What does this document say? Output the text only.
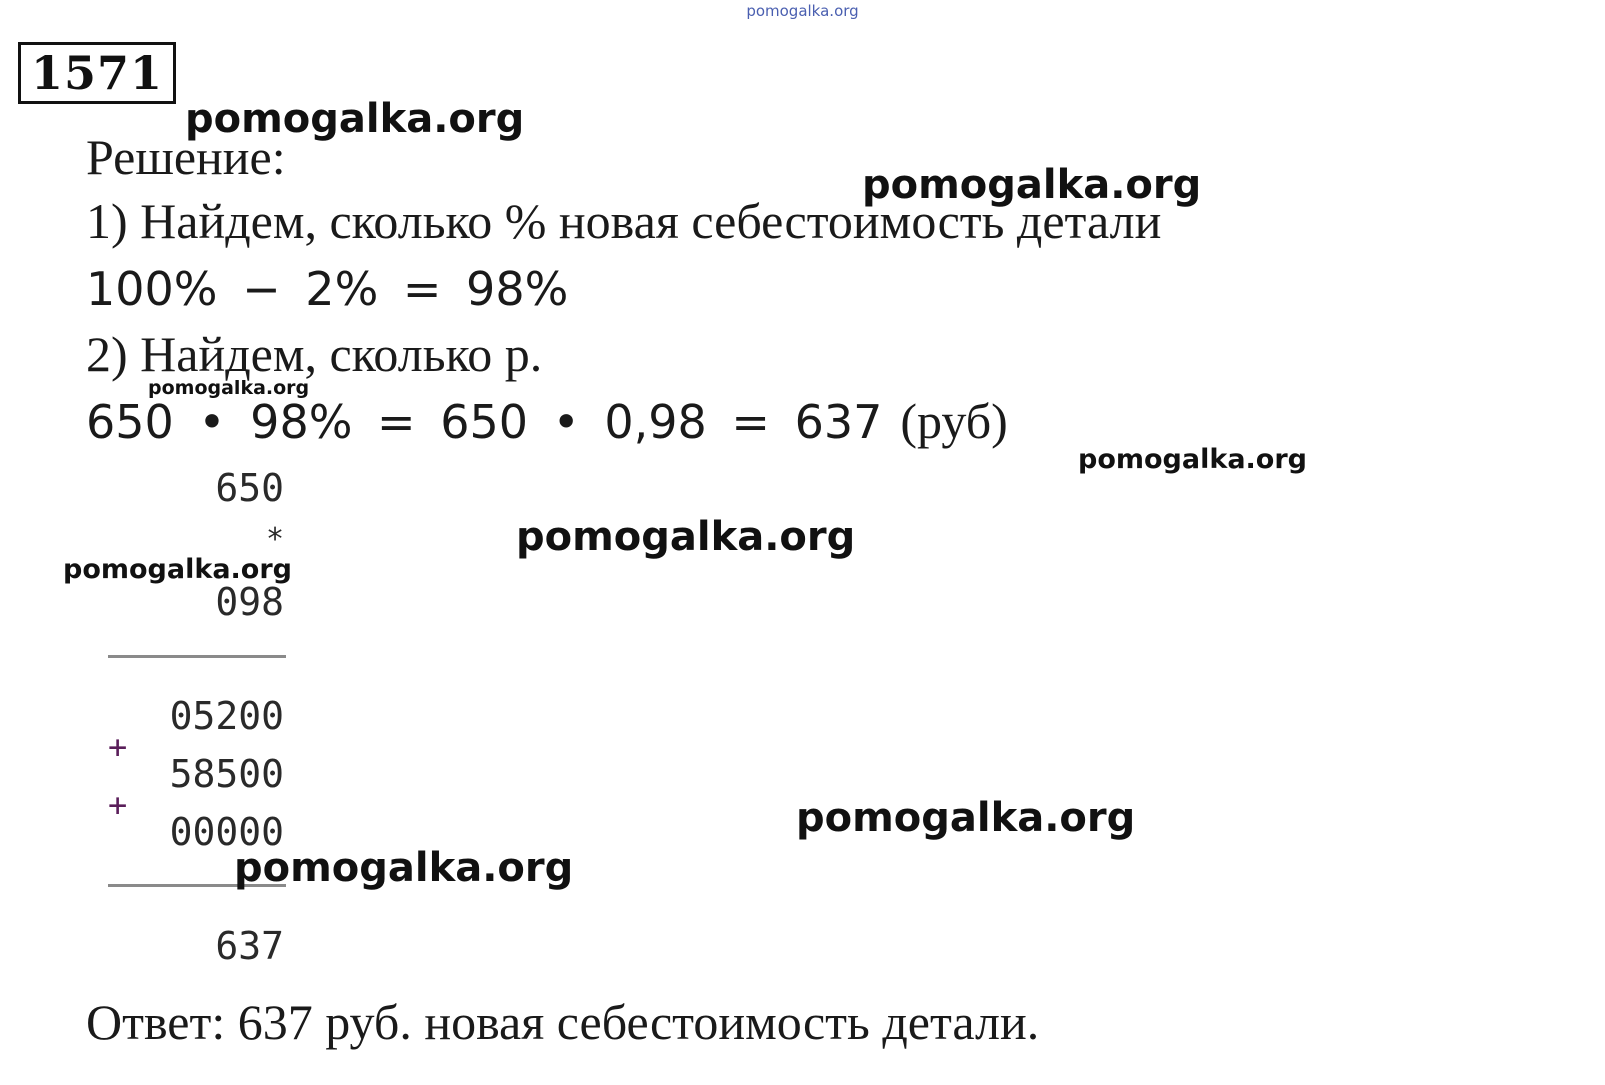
pomogalka.org
1571
Решение:
1) Найдем, сколько % новая себестоимость детали
100% − 2% = 98%
2) Найдем, сколько р.
650 • 98% = 650 • 0,98 = 637 (руб)
650
*
098
05200
+
58500
+
00000
637
Ответ: 637 руб. новая себестоимость детали.
pomogalka.org
pomogalka.org
pomogalka.org
pomogalka.org
pomogalka.org
pomogalka.org
pomogalka.org
pomogalka.org
